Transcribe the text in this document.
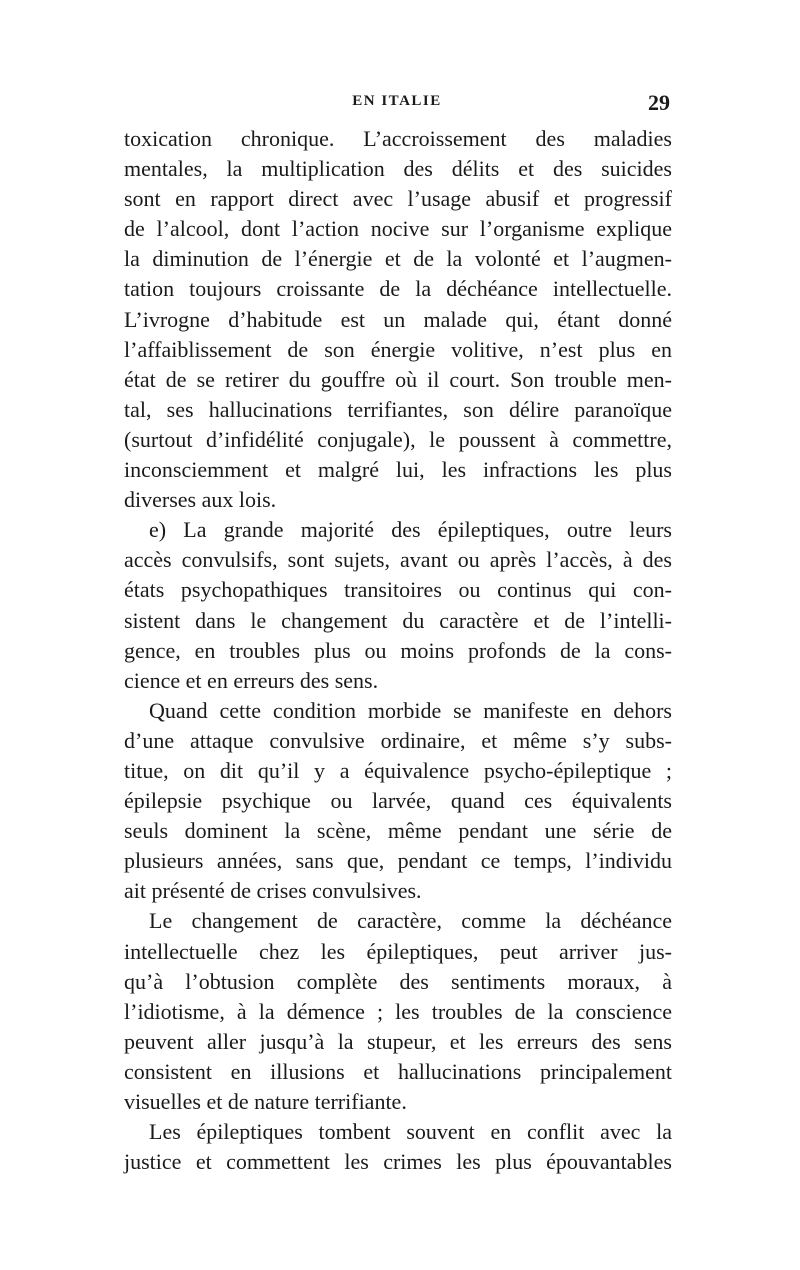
EN ITALIE	29
toxication chronique. L’accroissement des maladies
mentales, la multiplication des délits et des suicides
sont en rapport direct avec l’usage abusif et progressif
de l’alcool, dont l’action nocive sur l’organisme explique
la diminution de l’énergie et de la volonté et l’augmen-
tation toujours croissante de la déchéance intellectuelle.
L’ivrogne d’habitude est un malade qui, étant donné
l’affaiblissement de son énergie volitive, n’est plus en
état de se retirer du gouffre où il court. Son trouble men-
tal, ses hallucinations terrifiantes, son délire paranoïque
(surtout d’infidélité conjugale), le poussent à commettre,
inconsciemment et malgré lui, les infractions les plus
diverses aux lois.
e) La grande majorité des épileptiques, outre leurs
accès convulsifs, sont sujets, avant ou après l’accès, à des
états psychopathiques transitoires ou continus qui con-
sistent dans le changement du caractère et de l’intelli-
gence, en troubles plus ou moins profonds de la cons-
cience et en erreurs des sens.
Quand cette condition morbide se manifeste en dehors
d’une attaque convulsive ordinaire, et même s’y subs-
titue, on dit qu’il y a équivalence psycho-épileptique ;
épilepsie psychique ou larvée, quand ces équivalents
seuls dominent la scène, même pendant une série de
plusieurs années, sans que, pendant ce temps, l’individu
ait présenté de crises convulsives.
Le changement de caractère, comme la déchéance
intellectuelle chez les épileptiques, peut arriver jus-
qu’à l’obtusion complète des sentiments moraux, à
l’idiotisme, à la démence ; les troubles de la conscience
peuvent aller jusqu’à la stupeur, et les erreurs des sens
consistent en illusions et hallucinations principalement
visuelles et de nature terrifiante.
Les épileptiques tombent souvent en conflit avec la
justice et commettent les crimes les plus épouvantables
